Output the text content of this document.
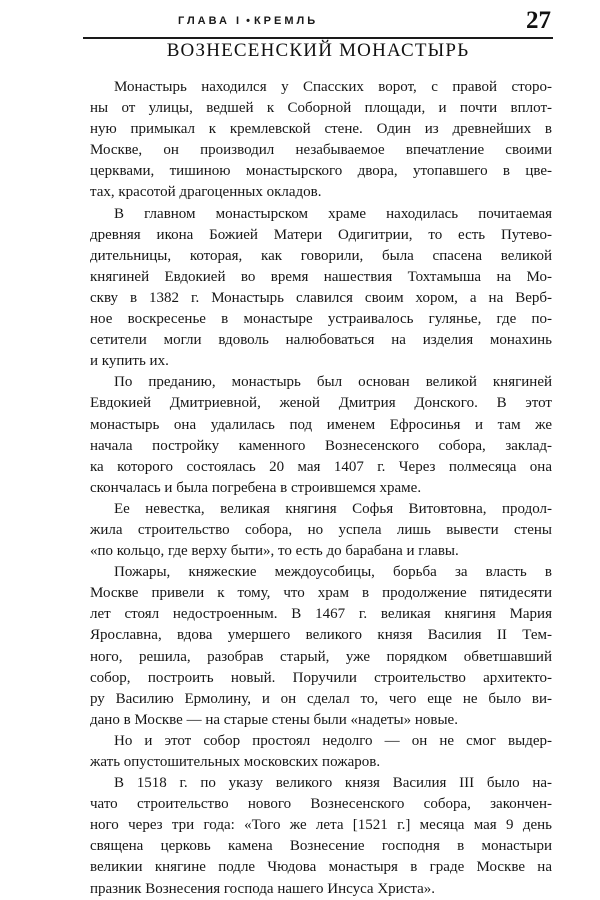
ГЛАВА I • КРЕМЛЬ	27
ВОЗНЕСЕНСКИЙ МОНАСТЫРЬ

Монастырь находился у Спасских ворот, с правой сторо-
ны от улицы, ведшей к Соборной площади, и почти вплот-
ную примыкал к кремлевской стене. Один из древнейших в
Москве, он производил незабываемое впечатление своими
церквами, тишиною монастырского двора, утопавшего в цве-
тах, красотой драгоценных окладов.

В главном монастырском храме находилась почитаемая
древняя икона Божией Матери Одигитрии, то есть Путево-
дительницы, которая, как говорили, была спасена великой
княгиней Евдокией во время нашествия Тохтамыша на Мо-
скву в 1382 г. Монастырь славился своим хором, а на Верб-
ное воскресенье в монастыре устраивалось гулянье, где по-
сетители могли вдоволь налюбоваться на изделия монахинь
и купить их.

По преданию, монастырь был основан великой княгиней
Евдокией Дмитриевной, женой Дмитрия Донского. В этот
монастырь она удалилась под именем Ефросинья и там же
начала постройку каменного Вознесенского собора, заклад-
ка которого состоялась 20 мая 1407 г. Через полмесяца она
скончалась и была погребена в строившемся храме.

Ее невестка, великая княгиня Софья Витовтовна, продол-
жила строительство собора, но успела лишь вывести стены
«по кольцо, где верху быти», то есть до барабана и главы.

Пожары, княжеские междоусобицы, борьба за власть в
Москве привели к тому, что храм в продолжение пятидесяти
лет стоял недостроенным. В 1467 г. великая княгиня Мария
Ярославна, вдова умершего великого князя Василия II Тем-
ного, решила, разобрав старый, уже порядком обветшавший
собор, построить новый. Поручили строительство архитекто-
ру Василию Ермолину, и он сделал то, чего еще не было ви-
дано в Москве — на старые стены были «надеты» новые.

Но и этот собор простоял недолго — он не смог выдер-
жать опустошительных московских пожаров.

В 1518 г. по указу великого князя Василия III было на-
чато строительство нового Вознесенского собора, закончен-
ного через три года: «Того же лета [1521 г.] месяца мая 9 день
священа церковь камена Вознесение господня в монастыри
великии княгине подле Чюдова монастыря в граде Москве на
празник Вознесения господа нашего Инсуса Христа».
